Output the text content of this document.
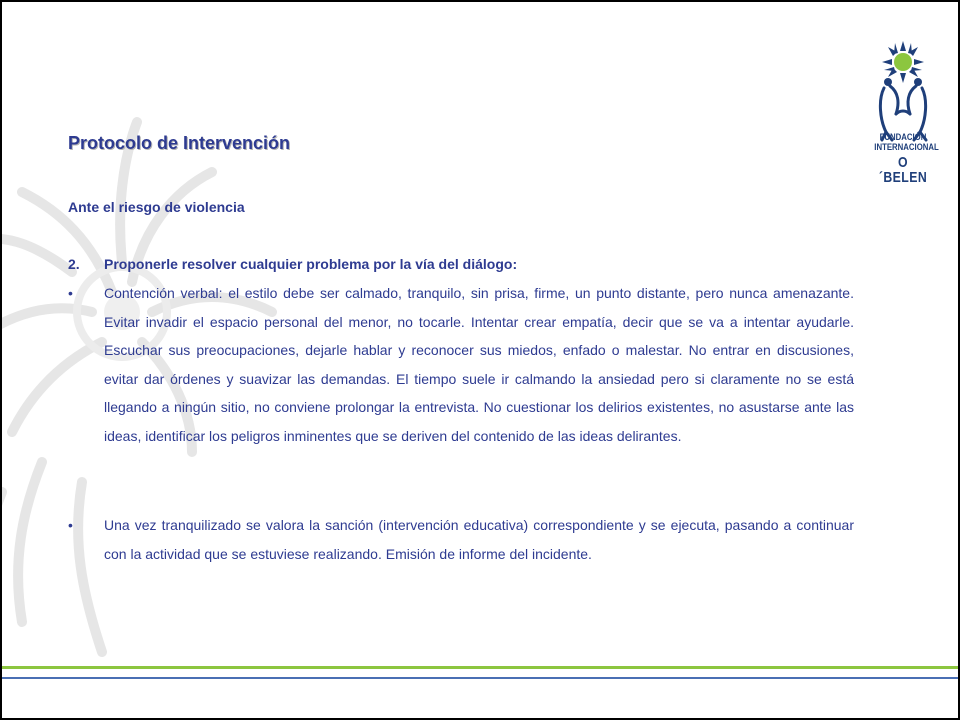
FUNDACIÓN
INTERNACIONAL
O´BELEN
Protocolo de Intervención

Ante el riesgo de violencia

2. Proponerle resolver cualquier problema por la vía del diálogo:
• Contención verbal: el estilo debe ser calmado, tranquilo, sin prisa, firme, un punto distante, pero nunca amenazante. Evitar invadir el espacio personal del menor, no tocarle. Intentar crear empatía, decir que se va a intentar ayudarle. Escuchar sus preocupaciones, dejarle hablar y reconocer sus miedos, enfado o malestar. No entrar en discusiones, evitar dar órdenes y suavizar las demandas. El tiempo suele ir calmando la ansiedad pero si claramente no se está llegando a ningún sitio, no conviene prolongar la entrevista. No cuestionar los delirios existentes, no asustarse ante las ideas, identificar los peligros inminentes que se deriven del contenido de las ideas delirantes.
• Una vez tranquilizado se valora la sanción (intervención educativa) correspondiente y se ejecuta, pasando a continuar con la actividad que se estuviese realizando. Emisión de informe del incidente.
